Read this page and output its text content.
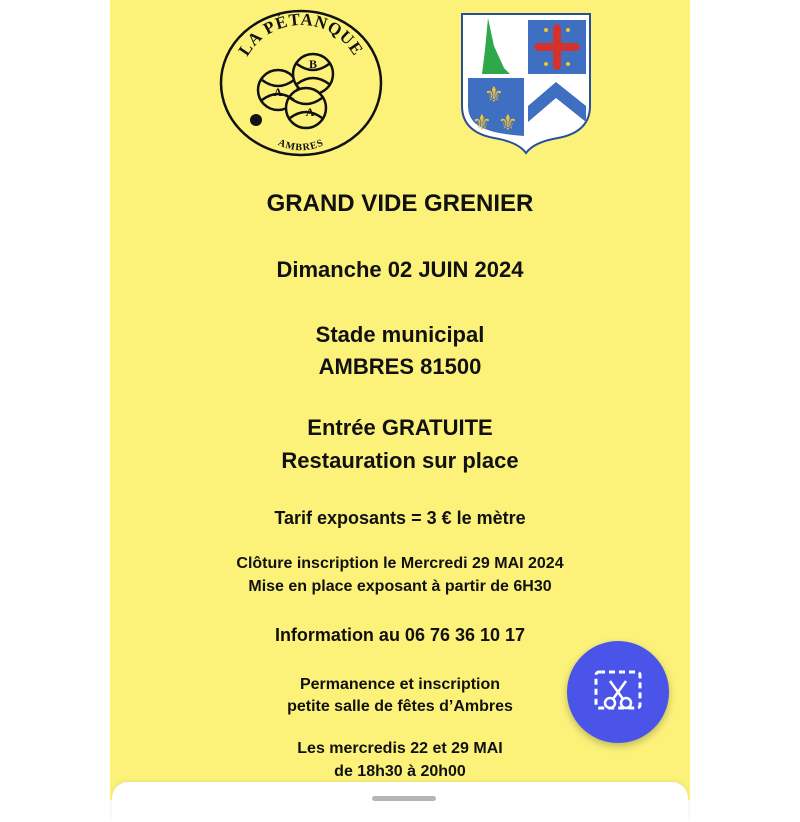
LA PÉTANQUE
A
B
A
AMBRES
⚜
⚜ ⚜
GRAND VIDE GRENIER
Dimanche 02 JUIN 2024
Stade municipal
AMBRES 81500
Entrée GRATUITE
Restauration sur place
Tarif exposants = 3 € le mètre
Clôture inscription le Mercredi 29 MAI 2024
Mise en place exposant à partir de 6H30
Information au 06 76 36 10 17
Permanence et inscription
petite salle de fêtes d’Ambres
Les mercredis 22 et 29 MAI
de 18h30 à 20h00
